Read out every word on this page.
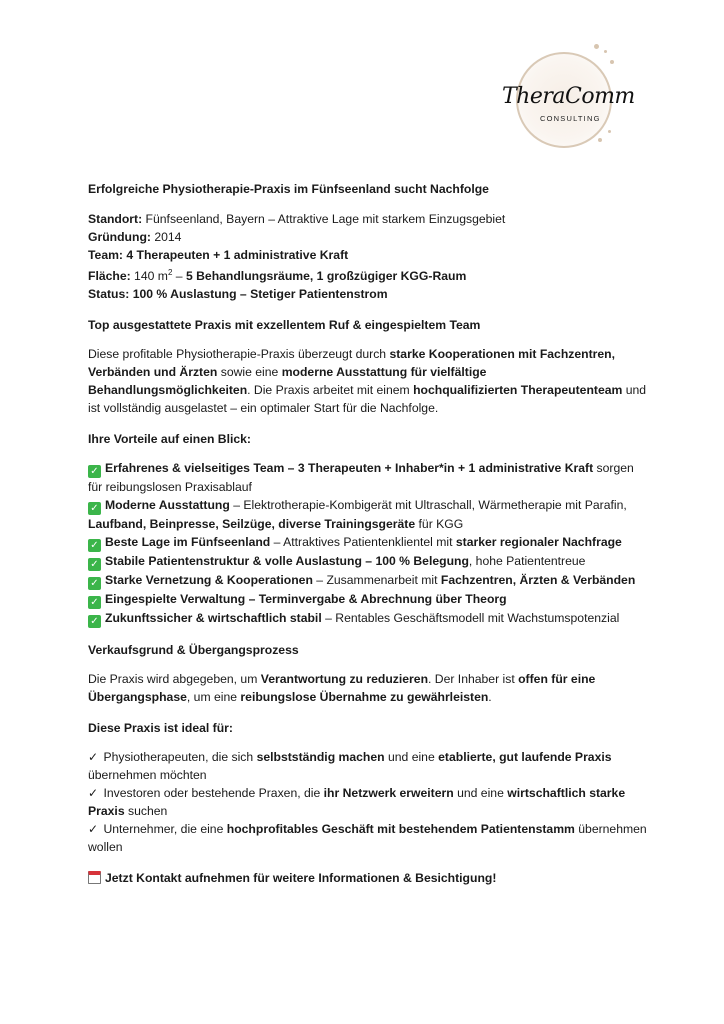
TheraComm
CONSULTING

Erfolgreiche Physiotherapie-Praxis im Fünfseenland sucht Nachfolge

Standort: Fünfseenland, Bayern – Attraktive Lage mit starkem Einzugsgebiet

Gründung: 2014

Team: 4 Therapeuten + 1 administrative Kraft

Fläche: 140 $m^2 - 5$ Behandlungsräume, 1 großzügiger KGG-Raum

Status: 100 % Auslastung – Stetiger Patientenstrom

Top ausgestattete Praxis mit exzellentem Ruf & eingespieltem Team

Diese profitable Physiotherapie-Praxis überzeugt durch starke Kooperationen mit Fachzentren, Verbänden und Ärzten sowie eine moderne Ausstattung für vielfältige Behandlungsmöglichkeiten. Die Praxis arbeitet mit einem hochqualifizierten Therapeutenteam und ist vollständig ausgelastet – ein optimaler Start für die Nachfolge.

Ihre Vorteile auf einen Blick:

✓ Erfahrenes & vielseitiges Team – 3 Therapeuten + Inhaber*in + 1 administrative Kraft sorgen für reibungslosen Praxisablauf

✓ Moderne Ausstattung – Elektrotherapie-Kombigerät mit Ultraschall, Wärmetherapie mit Parafin, Laufband, Beinpresse, Seilzüge, diverse Trainingsgeräte für KGG

✓ Beste Lage im Fünfseenland – Attraktives Patientenklientel mit starker regionaler Nachfrage

✓ Stabile Patientenstruktur & volle Auslastung – 100 % Belegung, hohe Patiententreue

✓ Starke Vernetzung & Kooperationen – Zusammenarbeit mit Fachzentren, Ärzten & Verbänden

✓ Eingespielte Verwaltung – Terminvergabe & Abrechnung über Theorg

✓ Zukunftssicher & wirtschaftlich stabil – Rentables Geschäftsmodell mit Wachstumspotenzial

Verkaufsgrund & Übergangsprozess

Die Praxis wird abgegeben, um Verantwortung zu reduzieren. Der Inhaber ist offen für eine Übergangsphase, um eine reibungslose Übernahme zu gewährleisten.

Diese Praxis ist ideal für:

✓ Physiotherapeuten, die sich selbstständig machen und eine etablierte, gut laufende Praxis übernehmen möchten

✓ Investoren oder bestehende Praxen, die ihr Netzwerk erweitern und eine wirtschaftlich starke Praxis suchen

✓ Unternehmer, die eine hochprofitables Geschäft mit bestehendem Patientenstamm übernehmen wollen

Jetzt Kontakt aufnehmen für weitere Informationen & Besichtigung!
